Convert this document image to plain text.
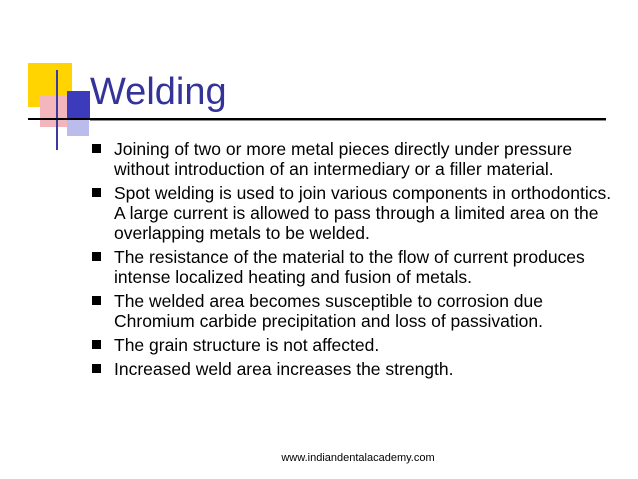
Welding
Joining of two or more metal pieces directly under pressure without introduction of an intermediary or a filler material.
Spot welding is used to join various components in orthodontics. A large current is allowed to pass through a limited area on the overlapping metals to be welded.
The resistance of the material to the flow of current produces intense localized heating and fusion of metals.
The welded area becomes susceptible to corrosion due Chromium carbide precipitation and loss of passivation.
The grain structure is not affected.
Increased weld area increases the strength.
www.indiandentalacademy.com
